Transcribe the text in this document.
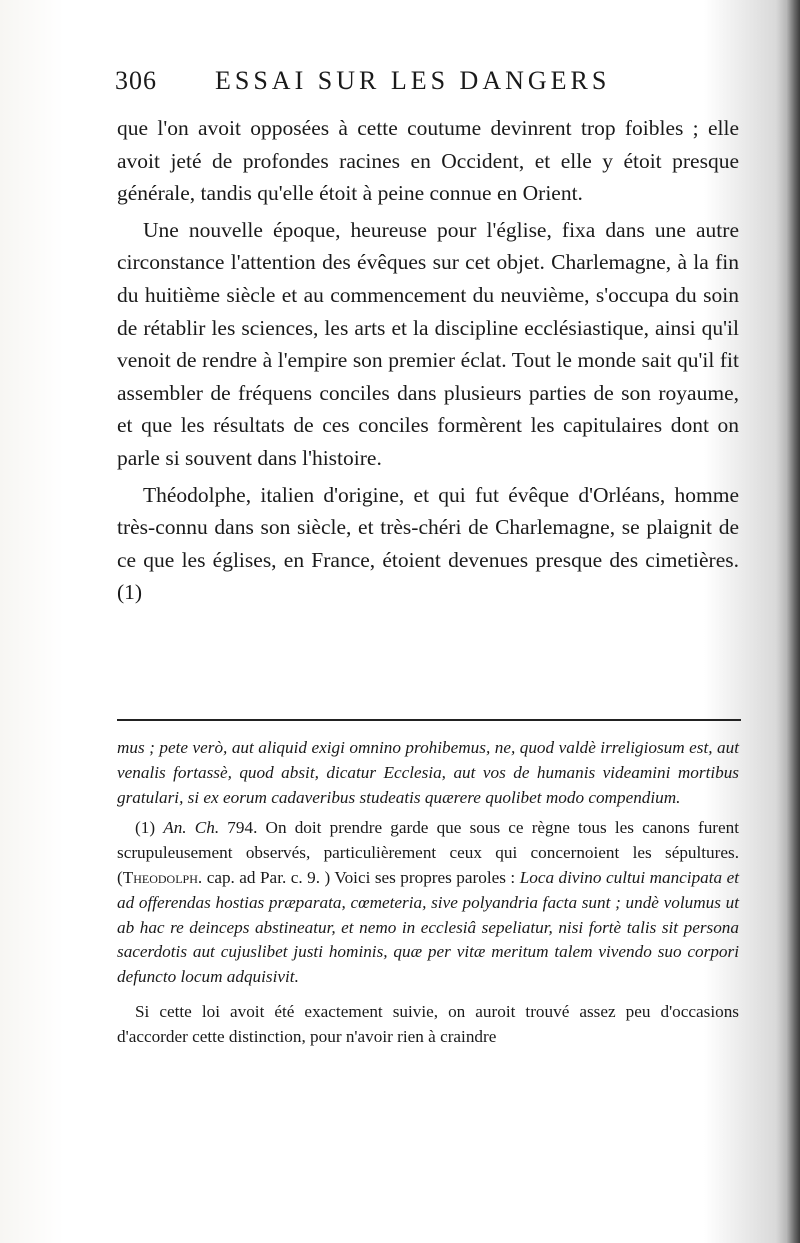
306 ESSAI SUR LES DANGERS

que l'on avoit opposées à cette coutume devinrent trop foibles ; elle avoit jeté de profondes racines en Occident, et elle y étoit presque générale, tandis qu'elle étoit à peine connue en Orient.

Une nouvelle époque, heureuse pour l'église, fixa dans une autre circonstance l'attention des évêques sur cet objet. Charlemagne, à la fin du huitième siècle et au commencement du neuvième, s'occupa du soin de rétablir les sciences, les arts et la discipline ecclésiastique, ainsi qu'il venoit de rendre à l'empire son premier éclat. Tout le monde sait qu'il fit assembler de fréquens conciles dans plusieurs parties de son royaume, et que les résultats de ces conciles formèrent les capitulaires dont on parle si souvent dans l'histoire.

Théodolphe, italien d'origine, et qui fut évêque d'Orléans, homme très-connu dans son siècle, et très-chéri de Charlemagne, se plaignit de ce que les églises, en France, étoient devenues presque des cimetières. (1)

mus ; pete verò, aut aliquid exigi omnino prohibemus, ne, quod valdè irreligiosum est, aut venalis fortassè, quod absit, dicatur Ecclesia, aut vos de humanis videamini mortibus gratulari, si ex eorum cadaveribus studeatis quærere quolibet modo compendium.

(1) An. Ch. 794. On doit prendre garde que sous ce règne tous les canons furent scrupuleusement observés, particulièrement ceux qui concernoient les sépultures. (Theodolph. cap. ad Par. c. 9. ) Voici ses propres paroles : Loca divino cultui mancipata et ad offerendas hostias præparata, cœmeteria, sive polyandria facta sunt ; undè volumus ut ab hac re deinceps abstineatur, et nemo in ecclesiâ sepeliatur, nisi fortè talis sit persona sacerdotis aut cujuslibet justi hominis, quæ per vitæ meritum talem vivendo suo corpori defuncto locum adquisivit.

Si cette loi avoit été exactement suivie, on auroit trouvé assez peu d'occasions d'accorder cette distinction, pour n'avoir rien à craindre
